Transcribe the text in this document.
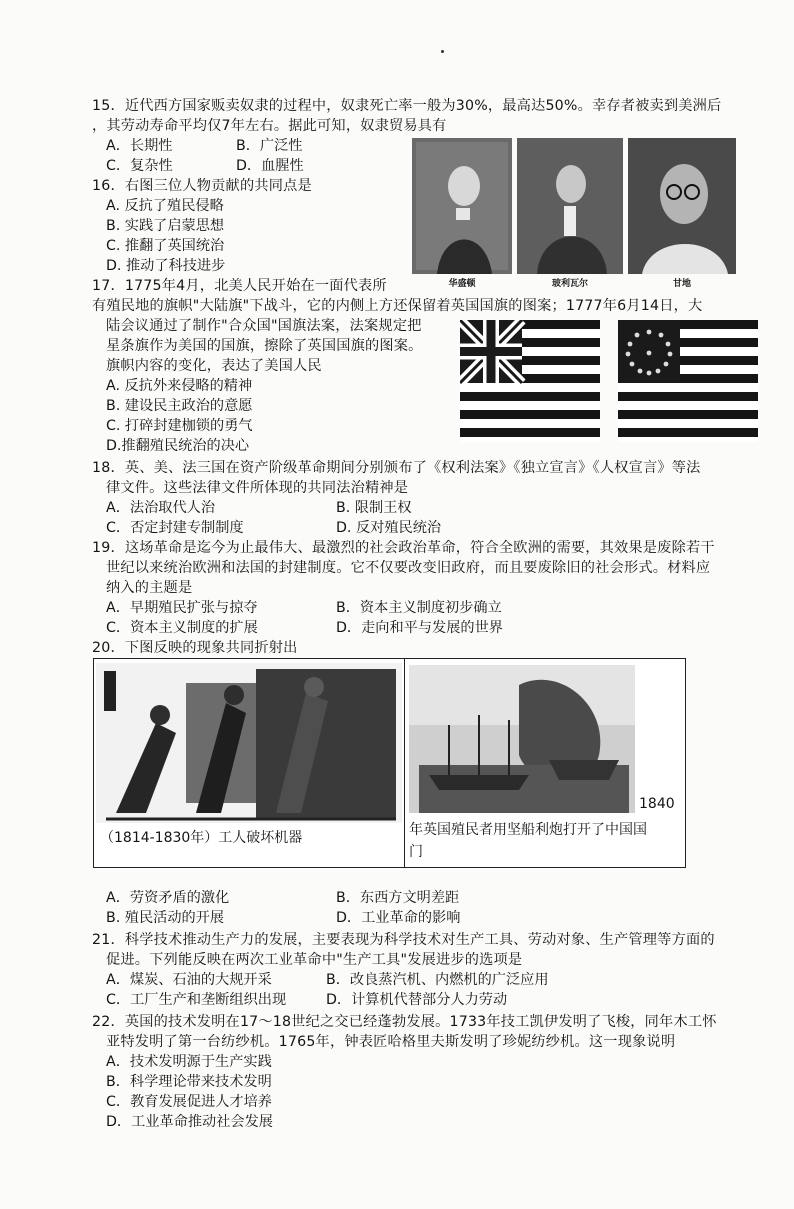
15．近代西方国家贩卖奴隶的过程中，奴隶死亡率一般为30%，最高达50%。幸存者被卖到美洲后
，其劳动寿命平均仅7年左右。据此可知，奴隶贸易具有
A．长期性	B．广泛性
C．复杂性	D．血腥性
华盛顿	玻利瓦尔	甘地
16．右图三位人物贡献的共同点是
A. 反抗了殖民侵略
B. 实践了启蒙思想
C. 推翻了英国统治
D. 推动了科技进步
17．1775年4月，北美人民开始在一面代表所
有殖民地的旗帜"大陆旗"下战斗，它的内侧上方还保留着英国国旗的图案；1777年6月14日，大
陆会议通过了制作"合众国"国旗法案，法案规定把
星条旗作为美国的国旗，擦除了英国国旗的图案。
旗帜内容的变化，表达了美国人民
A. 反抗外来侵略的精神
B. 建设民主政治的意愿
C. 打碎封建枷锁的勇气
D.推翻殖民统治的决心
18．英、美、法三国在资产阶级革命期间分别颁布了《权利法案》《独立宣言》《人权宣言》等法
律文件。这些法律文件所体现的共同法治精神是
A．法治取代人治	B. 限制王权
C．否定封建专制制度	D. 反对殖民统治
19．这场革命是迄今为止最伟大、最激烈的社会政治革命，符合全欧洲的需要，其效果是废除若干
世纪以来统治欧洲和法国的封建制度。它不仅要改变旧政府，而且要废除旧的社会形式。材料应
纳入的主题是
A．早期殖民扩张与掠夺	B．资本主义制度初步确立
C．资本主义制度的扩展	D．走向和平与发展的世界
20．下图反映的现象共同折射出
（1814-1830年）工人破坏机器
1840
年英国殖民者用坚船利炮打开了中国国
门
A．劳资矛盾的激化	B．东西方文明差距
B. 殖民活动的开展	D．工业革命的影响
21．科学技术推动生产力的发展，主要表现为科学技术对生产工具、劳动对象、生产管理等方面的
促进。下列能反映在两次工业革命中"生产工具"发展进步的选项是
A．煤炭、石油的大规开采	B．改良蒸汽机、内燃机的广泛应用
C．工厂生产和垄断组织出现	D．计算机代替部分人力劳动
22．英国的技术发明在17～18世纪之交已经蓬勃发展。1733年技工凯伊发明了飞梭，同年木工怀
亚特发明了第一台纺纱机。1765年，钟表匠哈格里夫斯发明了珍妮纺纱机。这一现象说明
A．技术发明源于生产实践
B．科学理论带来技术发明
C．教育发展促进人才培养
D．工业革命推动社会发展
